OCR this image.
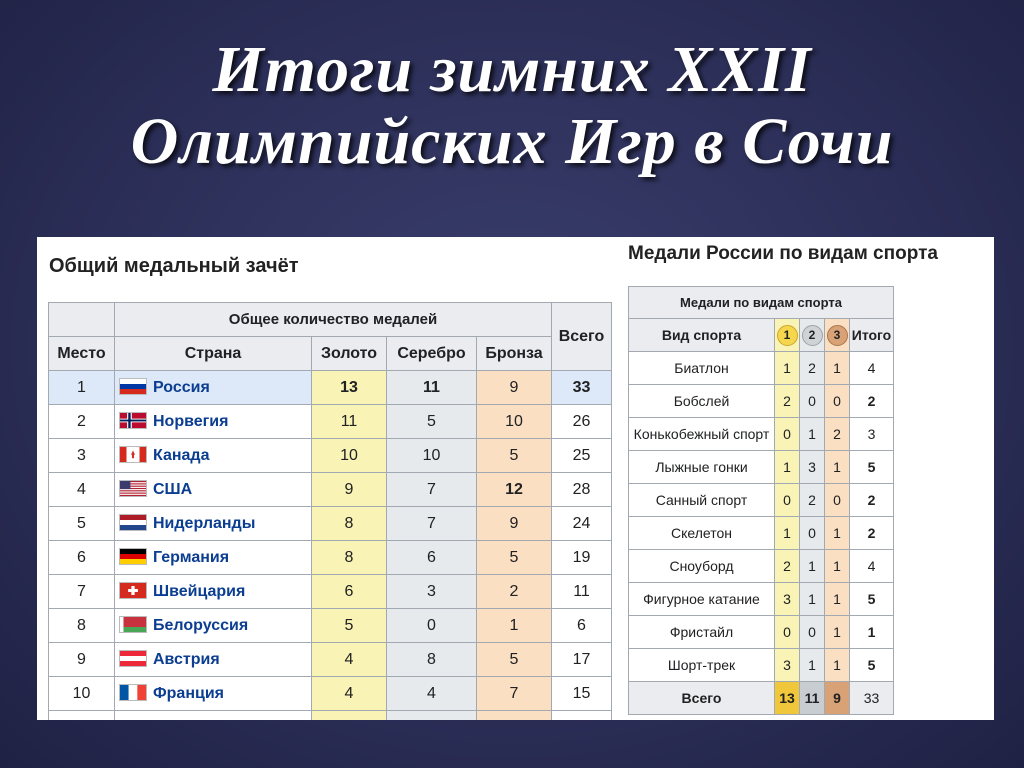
Итоги зимних XXII
Олимпийских Игр в Сочи
Общий медальный зачёт
	Общее количество медалей				Всего
Место	Страна	Золото	Серебро	Бронза	
1	Россия	13	11	9	33
2	Норвегия	11	5	10	26
3	Канада	10	10	5	25
4	США	9	7	12	28
5	Нидерланды	8	7	9	24
6	Германия	8	6	5	19
7	Швейцария	6	3	2	11
8	Белоруссия	5	0	1	6
9	Австрия	4	8	5	17
10	Франция	4	4	7	15

Медали России по видам спорта
Медали по видам спорта				
Вид спорта	1	2	3	Итого
Биатлон	1	2	1	4
Бобслей	2	0	0	2
Конькобежный спорт	0	1	2	3
Лыжные гонки	1	3	1	5
Санный спорт	0	2	0	2
Скелетон	1	0	1	2
Сноуборд	2	1	1	4
Фигурное катание	3	1	1	5
Фристайл	0	0	1	1
Шорт-трек	3	1	1	5
Всего	13	11	9	33
